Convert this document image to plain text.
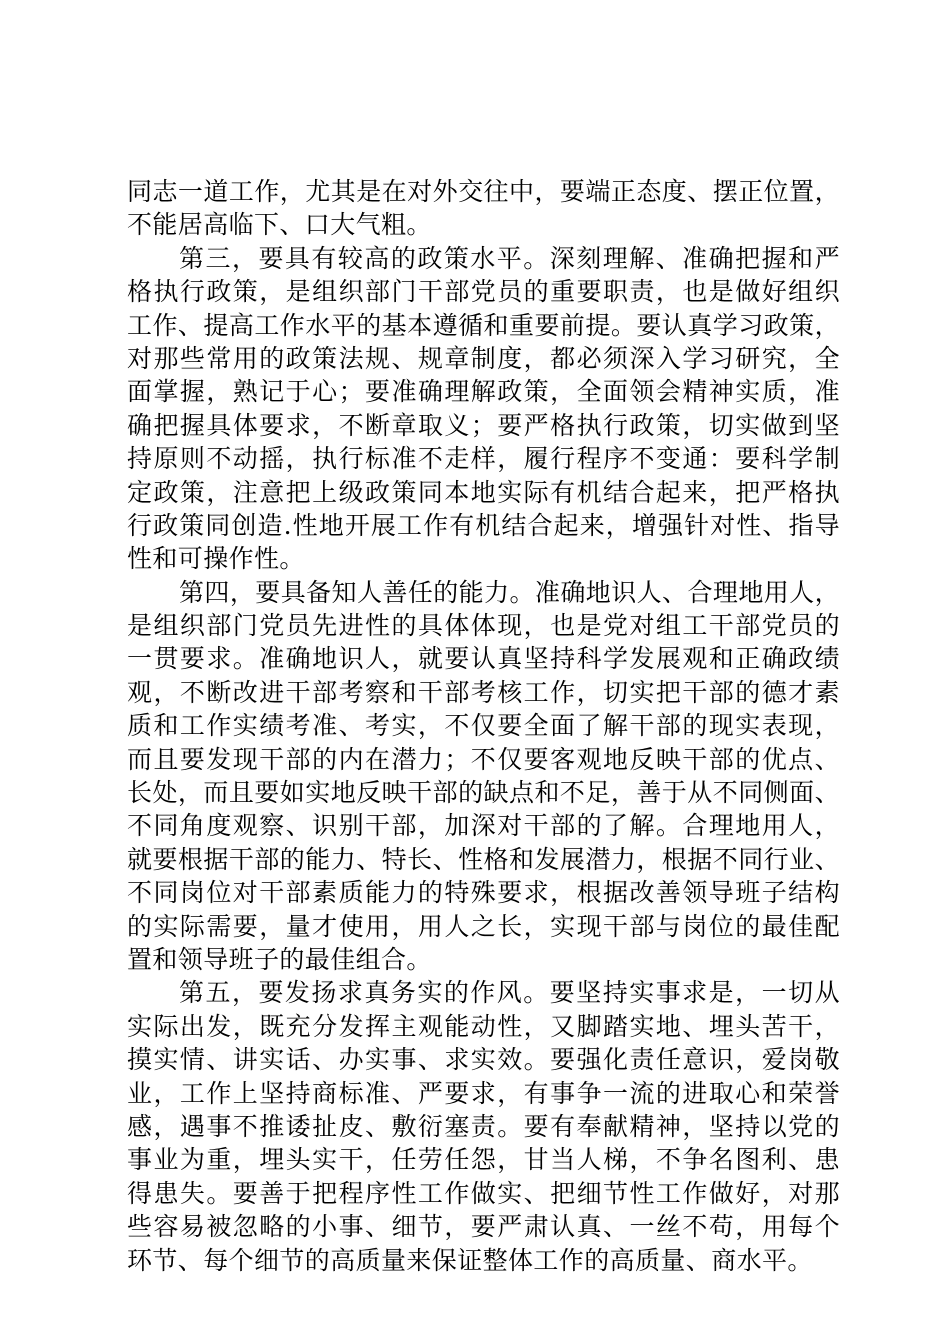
同志一道工作，尤其是在对外交往中，要端正态度、摆正位置，
不能居高临下、口大气粗。
第三，要具有较高的政策水平。深刻理解、准确把握和严
格执行政策，是组织部门干部党员的重要职责，也是做好组织
工作、提高工作水平的基本遵循和重要前提。要认真学习政策，
对那些常用的政策法规、规章制度，都必须深入学习研究，全
面掌握，熟记于心；要准确理解政策，全面领会精神实质，准
确把握具体要求，不断章取义；要严格执行政策，切实做到坚
持原则不动摇，执行标准不走样，履行程序不变通：要科学制
定政策，注意把上级政策同本地实际有机结合起来，把严格执
行政策同创造.性地开展工作有机结合起来，增强针对性、指导
性和可操作性。
第四，要具备知人善任的能力。准确地识人、合理地用人，
是组织部门党员先进性的具体体现，也是党对组工干部党员的
一贯要求。准确地识人，就要认真坚持科学发展观和正确政绩
观，不断改进干部考察和干部考核工作，切实把干部的德才素
质和工作实绩考准、考实，不仅要全面了解干部的现实表现，
而且要发现干部的内在潜力；不仅要客观地反映干部的优点、
长处，而且要如实地反映干部的缺点和不足，善于从不同侧面、
不同角度观察、识别干部，加深对干部的了解。合理地用人，
就要根据干部的能力、特长、性格和发展潜力，根据不同行业、
不同岗位对干部素质能力的特殊要求，根据改善领导班子结构
的实际需要，量才使用，用人之长，实现干部与岗位的最佳配
置和领导班子的最佳组合。
第五，要发扬求真务实的作风。要坚持实事求是，一切从
实际出发，既充分发挥主观能动性，又脚踏实地、埋头苦干，
摸实情、讲实话、办实事、求实效。要强化责任意识，爱岗敬
业，工作上坚持商标准、严要求，有事争一流的进取心和荣誉
感，遇事不推诿扯皮、敷衍塞责。要有奉献精神，坚持以党的
事业为重，埋头实干，任劳任怨，甘当人梯，不争名图利、患
得患失。要善于把程序性工作做实、把细节性工作做好，对那
些容易被忽略的小事、细节，要严肃认真、一丝不苟，用每个
环节、每个细节的高质量来保证整体工作的高质量、商水平。
